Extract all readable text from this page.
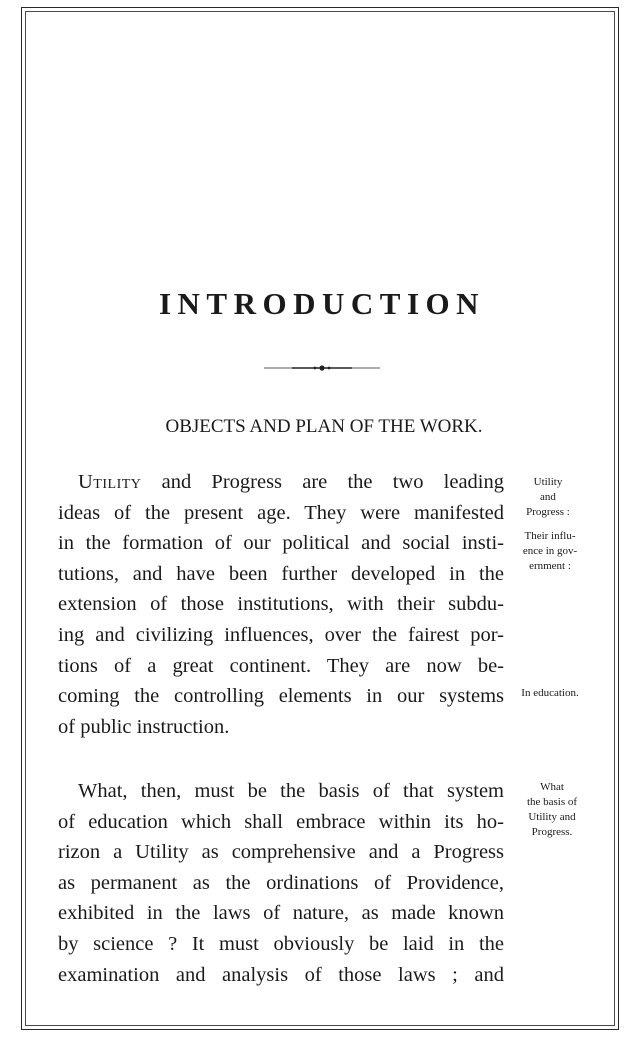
INTRODUCTION
OBJECTS AND PLAN OF THE WORK.
Utility and Progress are the two leading
ideas of the present age. They were manifested
in the formation of our political and social insti-
tutions, and have been further developed in the
extension of those institutions, with their subdu-
ing and civilizing influences, over the fairest por-
tions of a great continent. They are now be-
coming the controlling elements in our systems
of public instruction.
What, then, must be the basis of that system
of education which shall embrace within its ho-
rizon a Utility as comprehensive and a Progress
as permanent as the ordinations of Providence,
exhibited in the laws of nature, as made known
by science ? It must obviously be laid in the
examination and analysis of those laws ; and
Utility
and
Progress :
Their influ-
ence in gov-
ernment :
In education.
What
the basis of
Utility and
Progress.
